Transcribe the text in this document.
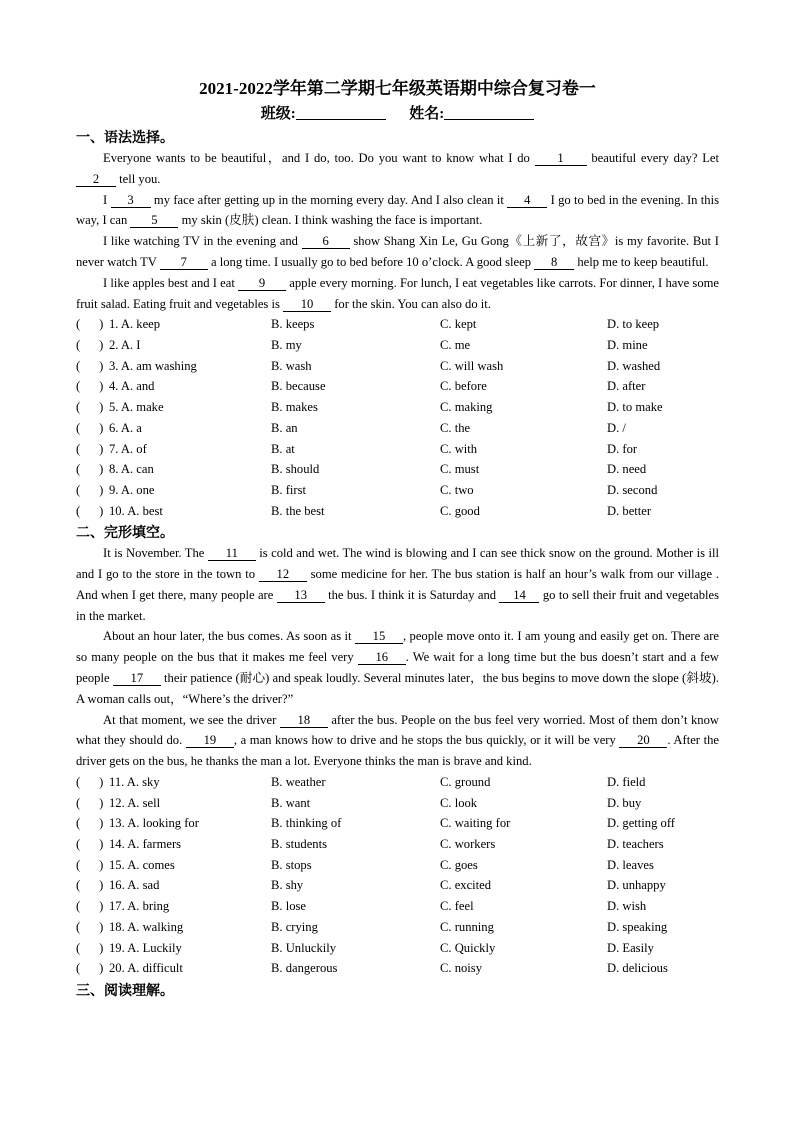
2021-2022学年第二学期七年级英语期中综合复习卷一
班级:	姓名:
一、语法选择。

Everyone wants to be beautiful，and I do, too. Do you want to know what I do 1 beautiful every day? Let 2 tell you.

I 3 my face after getting up in the morning every day. And I also clean it 4 I go to bed in the evening. In this way, I can 5 my skin (皮肤) clean. I think washing the face is important.

I like watching TV in the evening and 6 show Shang Xin Le, Gu Gong《上新了，故宫》is my favorite. But I never watch TV 7 a long time. I usually go to bed before 10 o’clock. A good sleep 8 help me to keep beautiful.

I like apples best and I eat 9 apple every morning. For lunch, I eat vegetables like carrots. For dinner, I have some fruit salad. Eating fruit and vegetables is 10 for the skin. You can also do it.

(      ) 1. A. keep	B. keeps	C. kept	D. to keep
(      ) 2. A. I	B. my	C. me	D. mine
(      ) 3. A. am washing	B. wash	C. will wash	D. washed
(      ) 4. A. and	B. because	C. before	D. after
(      ) 5. A. make	B. makes	C. making	D. to make
(      ) 6. A. a	B. an	C. the	D. /
(      ) 7. A. of	B. at	C. with	D. for
(      ) 8. A. can	B. should	C. must	D. need
(      ) 9. A. one	B. first	C. two	D. second
(      ) 10. A. best	B. the best	C. good	D. better
二、完形填空。

It is November. The 11 is cold and wet. The wind is blowing and I can see thick snow on the ground. Mother is ill and I go to the store in the town to 12 some medicine for her. The bus station is half an hour’s walk from our village . And when I get there, many people are 13 the bus. I think it is Saturday and 14 go to sell their fruit and vegetables in the market.

About an hour later, the bus comes. As soon as it 15 , people move onto it. I am young and easily get on. There are so many people on the bus that it makes me feel very 16 . We wait for a long time but the bus doesn’t start and a few people 17 their patience (耐心) and speak loudly. Several minutes later，the bus begins to move down the slope (斜坡). A woman calls out，“Where’s the driver?”

At that moment, we see the driver 18 after the bus. People on the bus feel very worried. Most of them don’t know what they should do. 19 , a man knows how to drive and he stops the bus quickly, or it will be very 20 . After the driver gets on the bus, he thanks the man a lot. Everyone thinks the man is brave and kind.

(      ) 11. A. sky	B. weather	C. ground	D. field
(      ) 12. A. sell	B. want	C. look	D. buy
(      ) 13. A. looking for	B. thinking of	C. waiting for	D. getting off
(      ) 14. A. farmers	B. students	C. workers	D. teachers
(      ) 15. A. comes	B. stops	C. goes	D. leaves
(      ) 16. A. sad	B. shy	C. excited	D. unhappy
(      ) 17. A. bring	B. lose	C. feel	D. wish
(      ) 18. A. walking	B. crying	C. running	D. speaking
(      ) 19. A. Luckily	B. Unluckily	C. Quickly	D. Easily
(      ) 20. A. difficult	B. dangerous	C. noisy	D. delicious
三、阅读理解。
